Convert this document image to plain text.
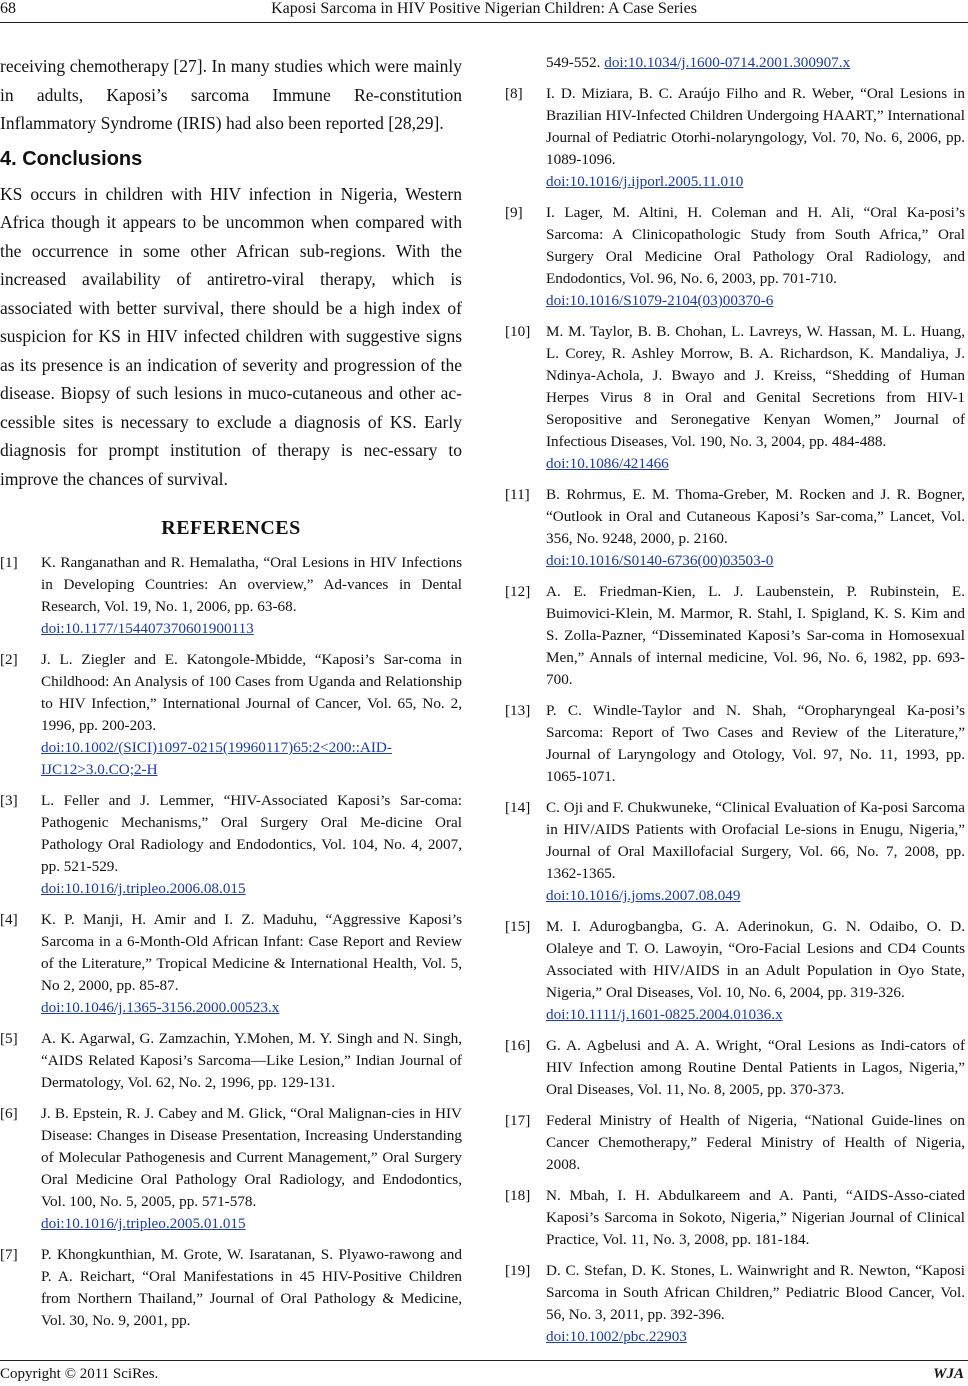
68	Kaposi Sarcoma in HIV Positive Nigerian Children: A Case Series

receiving chemotherapy [27]. In many studies which were mainly in adults, Kaposi’s sarcoma Immune Re-constitution Inflammatory Syndrome (IRIS) had also been reported [28,29].

4. Conclusions

KS occurs in children with HIV infection in Nigeria, Western Africa though it appears to be uncommon when compared with the occurrence in some other African sub-regions. With the increased availability of antiretro-viral therapy, which is associated with better survival, there should be a high index of suspicion for KS in HIV infected children with suggestive signs as its presence is an indication of severity and progression of the disease. Biopsy of such lesions in muco-cutaneous and other ac-cessible sites is necessary to exclude a diagnosis of KS. Early diagnosis for prompt institution of therapy is nec-essary to improve the chances of survival.

REFERENCES
[1] K. Ranganathan and R. Hemalatha, “Oral Lesions in HIV Infections in Developing Countries: An overview,” Ad-vances in Dental Research, Vol. 19, No. 1, 2006, pp. 63-68.
doi:10.1177/154407370601900113
[2] J. L. Ziegler and E. Katongole-Mbidde, “Kaposi’s Sar-coma in Childhood: An Analysis of 100 Cases from Uganda and Relationship to HIV Infection,” International Journal of Cancer, Vol. 65, No. 2, 1996, pp. 200-203.
doi:10.1002/(SICI)1097-0215(19960117)65:2<200::AID-IJC12>3.0.CO;2-H
[3] L. Feller and J. Lemmer, “HIV-Associated Kaposi’s Sar-coma: Pathogenic Mechanisms,” Oral Surgery Oral Me-dicine Oral Pathology Oral Radiology and Endodontics, Vol. 104, No. 4, 2007, pp. 521-529.
doi:10.1016/j.tripleo.2006.08.015
[4] K. P. Manji, H. Amir and I. Z. Maduhu, “Aggressive Kaposi’s Sarcoma in a 6-Month-Old African Infant: Case Report and Review of the Literature,” Tropical Medicine & International Health, Vol. 5, No 2, 2000, pp. 85-87.
doi:10.1046/j.1365-3156.2000.00523.x
[5] A. K. Agarwal, G. Zamzachin, Y.Mohen, M. Y. Singh and N. Singh, “AIDS Related Kaposi’s Sarcoma—Like Lesion,” Indian Journal of Dermatology, Vol. 62, No. 2, 1996, pp. 129-131.
[6] J. B. Epstein, R. J. Cabey and M. Glick, “Oral Malignan-cies in HIV Disease: Changes in Disease Presentation, Increasing Understanding of Molecular Pathogenesis and Current Management,” Oral Surgery Oral Medicine Oral Pathology Oral Radiology, and Endodontics, Vol. 100, No. 5, 2005, pp. 571-578.
doi:10.1016/j.tripleo.2005.01.015
[7] P. Khongkunthian, M. Grote, W. Isaratanan, S. Plyawo-rawong and P. A. Reichart, “Oral Manifestations in 45 HIV-Positive Children from Northern Thailand,” Journal of Oral Pathology & Medicine, Vol. 30, No. 9, 2001, pp.
549-552. doi:10.1034/j.1600-0714.2001.300907.x
[8] I. D. Miziara, B. C. Araújo Filho and R. Weber, “Oral Lesions in Brazilian HIV-Infected Children Undergoing HAART,” International Journal of Pediatric Otorhi-nolaryngology, Vol. 70, No. 6, 2006, pp. 1089-1096.
doi:10.1016/j.ijporl.2005.11.010
[9] I. Lager, M. Altini, H. Coleman and H. Ali, “Oral Ka-posi’s Sarcoma: A Clinicopathologic Study from South Africa,” Oral Surgery Oral Medicine Oral Pathology Oral Radiology, and Endodontics, Vol. 96, No. 6, 2003, pp. 701-710.
doi:10.1016/S1079-2104(03)00370-6
[10] M. M. Taylor, B. B. Chohan, L. Lavreys, W. Hassan, M. L. Huang, L. Corey, R. Ashley Morrow, B. A. Richardson, K. Mandaliya, J. Ndinya-Achola, J. Bwayo and J. Kreiss, “Shedding of Human Herpes Virus 8 in Oral and Genital Secretions from HIV-1 Seropositive and Seronegative Kenyan Women,” Journal of Infectious Diseases, Vol. 190, No. 3, 2004, pp. 484-488.
doi:10.1086/421466
[11] B. Rohrmus, E. M. Thoma-Greber, M. Rocken and J. R. Bogner, “Outlook in Oral and Cutaneous Kaposi’s Sar-coma,” Lancet, Vol. 356, No. 9248, 2000, p. 2160.
doi:10.1016/S0140-6736(00)03503-0
[12] A. E. Friedman-Kien, L. J. Laubenstein, P. Rubinstein, E. Buimovici-Klein, M. Marmor, R. Stahl, I. Spigland, K. S. Kim and S. Zolla-Pazner, “Disseminated Kaposi’s Sar-coma in Homosexual Men,” Annals of internal medicine, Vol. 96, No. 6, 1982, pp. 693-700.
[13] P. C. Windle-Taylor and N. Shah, “Oropharyngeal Ka-posi’s Sarcoma: Report of Two Cases and Review of the Literature,” Journal of Laryngology and Otology, Vol. 97, No. 11, 1993, pp. 1065-1071.
[14] C. Oji and F. Chukwuneke, “Clinical Evaluation of Ka-posi Sarcoma in HIV/AIDS Patients with Orofacial Le-sions in Enugu, Nigeria,” Journal of Oral Maxillofacial Surgery, Vol. 66, No. 7, 2008, pp. 1362-1365.
doi:10.1016/j.joms.2007.08.049
[15] M. I. Adurogbangba, G. A. Aderinokun, G. N. Odaibo, O. D. Olaleye and T. O. Lawoyin, “Oro-Facial Lesions and CD4 Counts Associated with HIV/AIDS in an Adult Population in Oyo State, Nigeria,” Oral Diseases, Vol. 10, No. 6, 2004, pp. 319-326.
doi:10.1111/j.1601-0825.2004.01036.x
[16] G. A. Agbelusi and A. A. Wright, “Oral Lesions as Indi-cators of HIV Infection among Routine Dental Patients in Lagos, Nigeria,” Oral Diseases, Vol. 11, No. 8, 2005, pp. 370-373.
[17] Federal Ministry of Health of Nigeria, “National Guide-lines on Cancer Chemotherapy,” Federal Ministry of Health of Nigeria, 2008.
[18] N. Mbah, I. H. Abdulkareem and A. Panti, “AIDS-Asso-ciated Kaposi’s Sarcoma in Sokoto, Nigeria,” Nigerian Journal of Clinical Practice, Vol. 11, No. 3, 2008, pp. 181-184.
[19] D. C. Stefan, D. K. Stones, L. Wainwright and R. Newton, “Kaposi Sarcoma in South African Children,” Pediatric Blood Cancer, Vol. 56, No. 3, 2011, pp. 392-396.
doi:10.1002/pbc.22903
Copyright © 2011 SciRes.	WJA
